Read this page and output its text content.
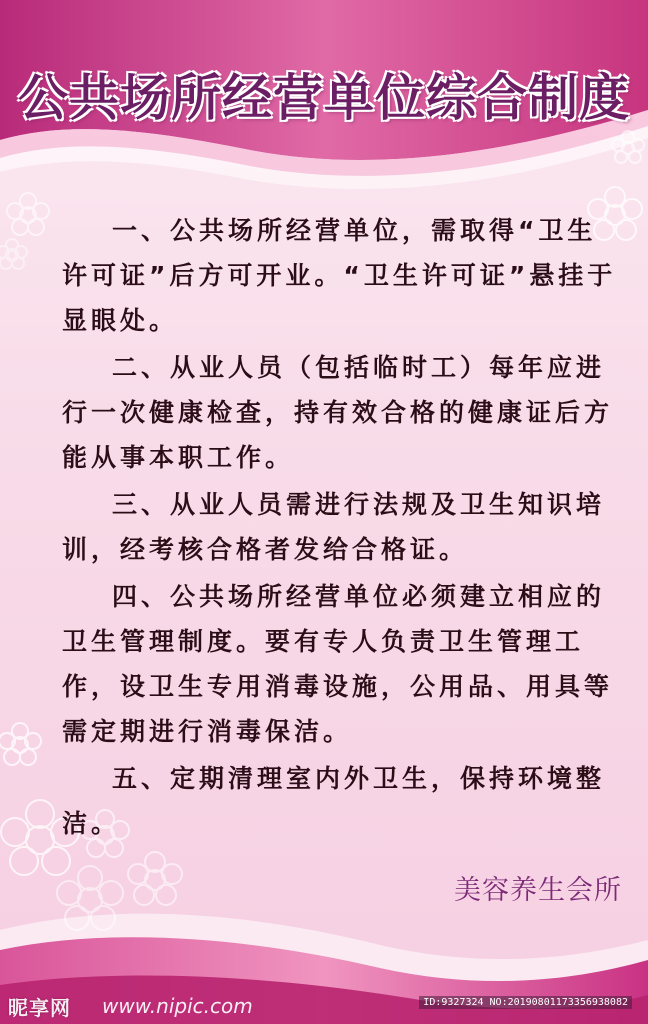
公共场所经营单位综合制度

一、公共场所经营单位，需取得“卫生许可证”后方可开业。“卫生许可证”悬挂于显眼处。

二、从业人员（包括临时工）每年应进行一次健康检查，持有效合格的健康证后方能从事本职工作。

三、从业人员需进行法规及卫生知识培训，经考核合格者发给合格证。

四、公共场所经营单位必须建立相应的卫生管理制度。要有专人负责卫生管理工作，设卫生专用消毒设施，公用品、用具等需定期进行消毒保洁。

五、定期清理室内外卫生，保持环境整洁。

美容养生会所
昵享网 www.nipic.com	ID:9327324 NO:20190801173356938082
